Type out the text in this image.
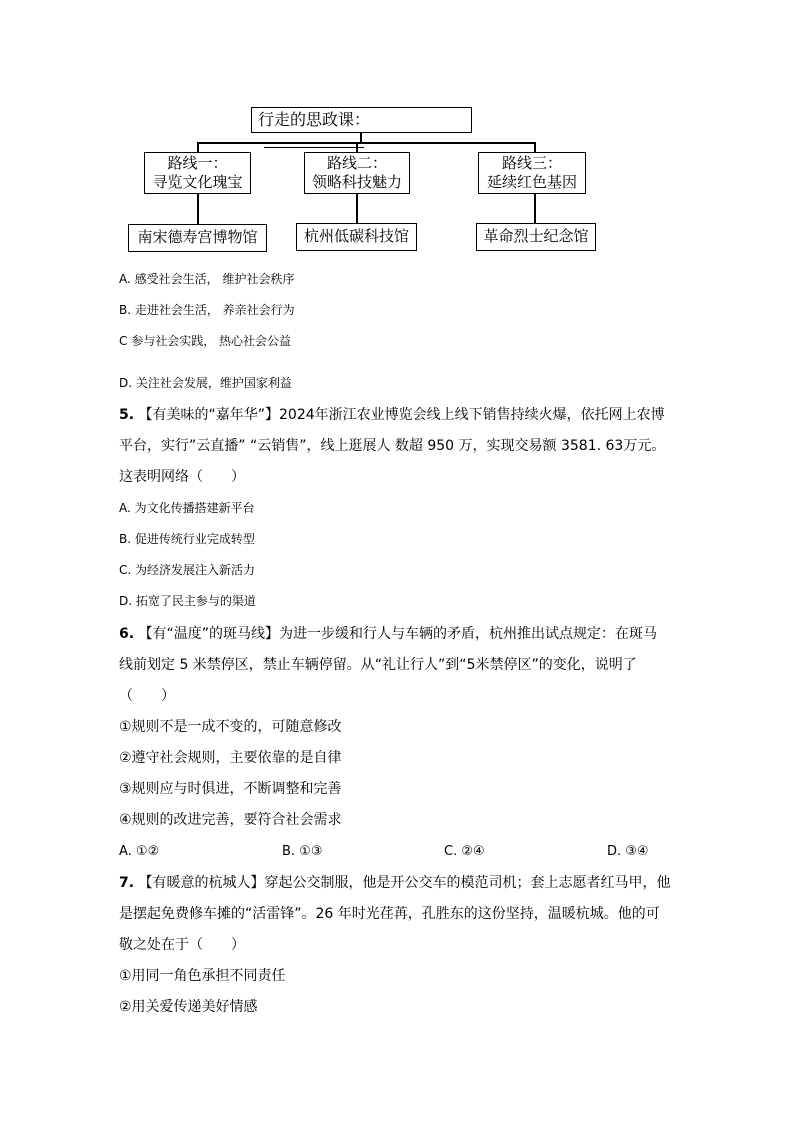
行走的思政课：
路线一：
寻览文化瑰宝
路线二：
领略科技魅力
路线三：
延续红色基因
南宋德寿宫博物馆	杭州低碳科技馆	革命烈士纪念馆
A. 感受社会生活， 维护社会秩序
B. 走进社会生活， 养亲社会行为
C 参与社会实践， 热心社会公益
D. 关注社会发展，维护国家利益
5. 【有美味的“嘉年华”】2024年浙江农业博览会线上线下销售持续火爆，依托网上农博
平台，实行”云直播” “云销售”，线上逛展人 数超 950 万，实现交易额 3581. 63万元。
这表明网络（　　）
A. 为文化传播搭建新平台
B. 促进传统行业完成转型
C. 为经济发展注入新活力
D. 拓宽了民主参与的渠道
6. 【有“温度”的斑马线】为进一步缓和行人与车辆的矛盾，杭州推出试点规定：在斑马
线前划定 5 米禁停区，禁止车辆停留。从“礼让行人”到“5米禁停区”的变化，说明了
（　　）
①规则不是一成不变的，可随意修改
②遵守社会规则，主要依靠的是自律
③规则应与时俱进，不断调整和完善
④规则的改进完善，要符合社会需求
A. ①②	B. ①③	C. ②④	D. ③④
7. 【有暖意的杭城人】穿起公交制服，他是开公交车的模范司机；套上志愿者红马甲，他
是摆起免费修车摊的“活雷锋”。26 年时光荏苒，孔胜东的这份坚持，温暖杭城。他的可
敬之处在于（　　）
①用同一角色承担不同责任
②用关爱传递美好情感
